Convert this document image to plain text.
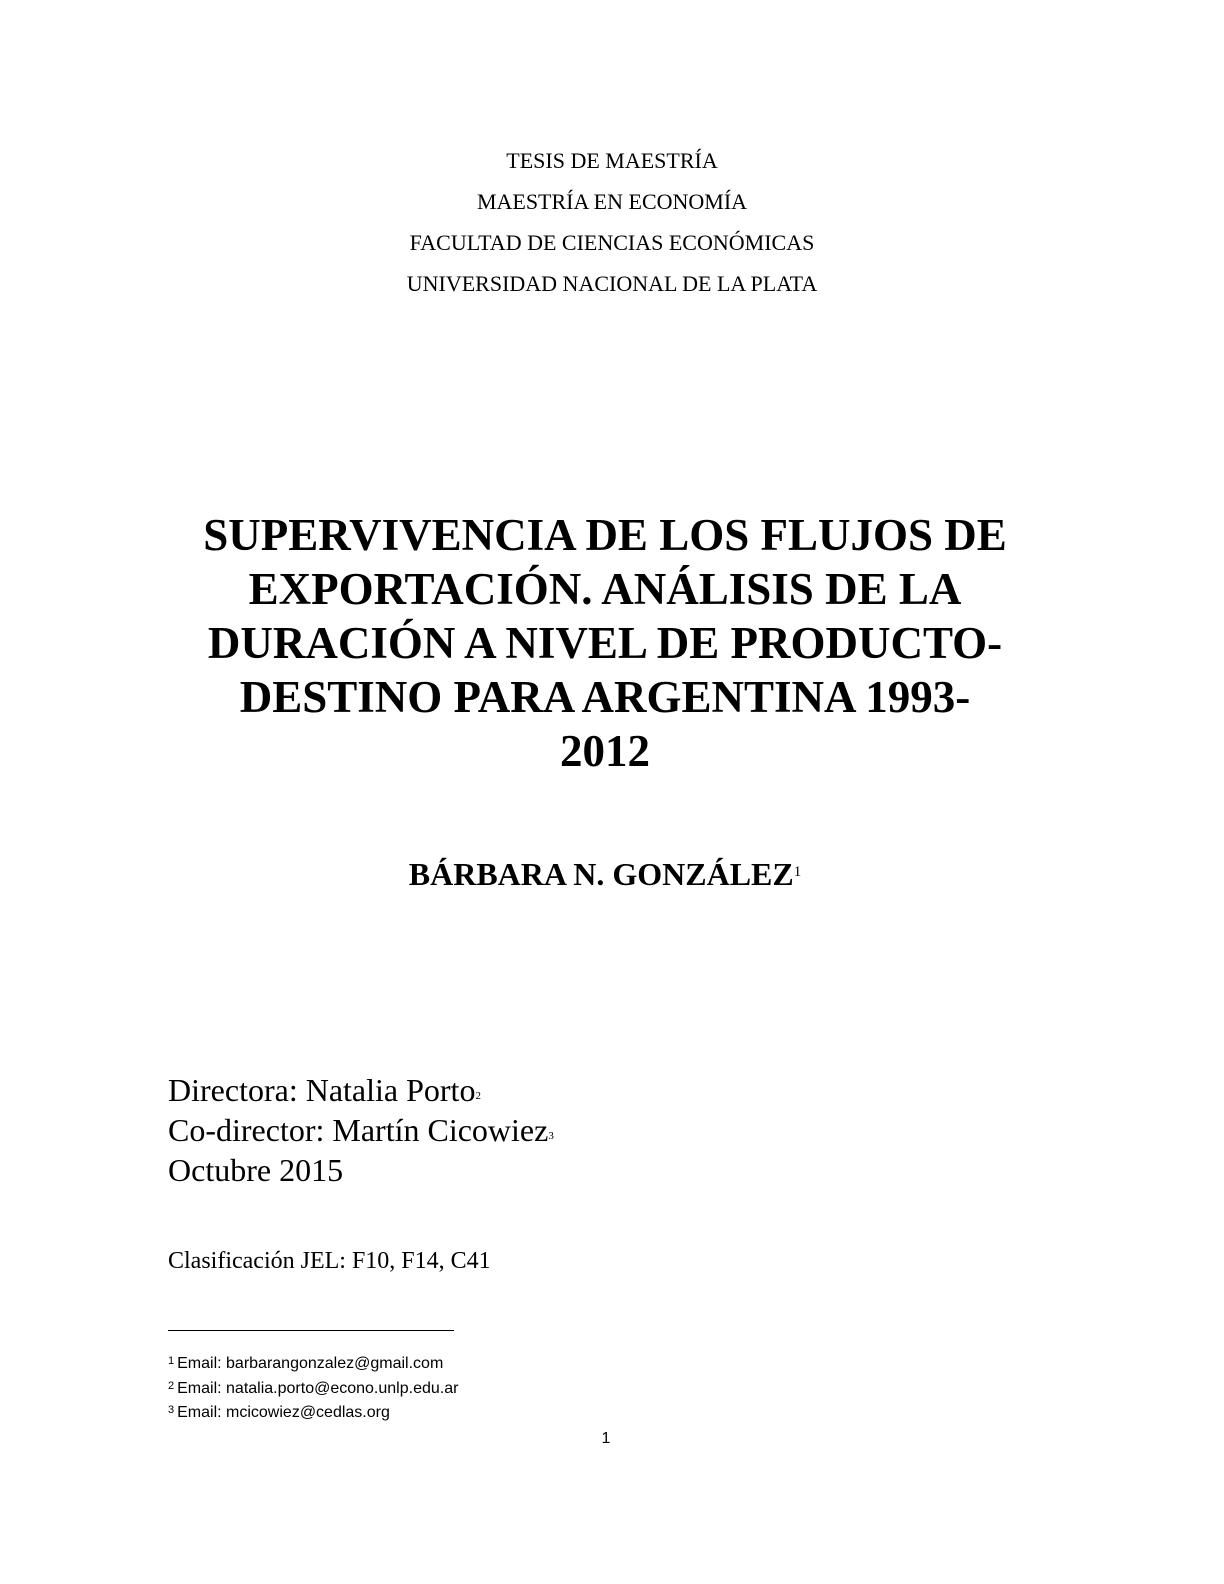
TESIS DE MAESTRÍA
MAESTRÍA EN ECONOMÍA
FACULTAD DE CIENCIAS ECONÓMICAS
UNIVERSIDAD NACIONAL DE LA PLATA
SUPERVIVENCIA DE LOS FLUJOS DE
EXPORTACIÓN. ANÁLISIS DE LA
DURACIÓN A NIVEL DE PRODUCTO-
DESTINO PARA ARGENTINA 1993-
2012
BÁRBARA N. GONZÁLEZ$^1$
Directora: Natalia Porto$^2$
Co-director: Martín Cicowiez$^3$
Octubre 2015
Clasificación JEL: F10, F14, C41
$^1$ Email: barbarangonzalez@gmail.com
$^2$ Email: natalia.porto@econo.unlp.edu.ar
$^3$ Email: mcicowiez@cedlas.org
1
